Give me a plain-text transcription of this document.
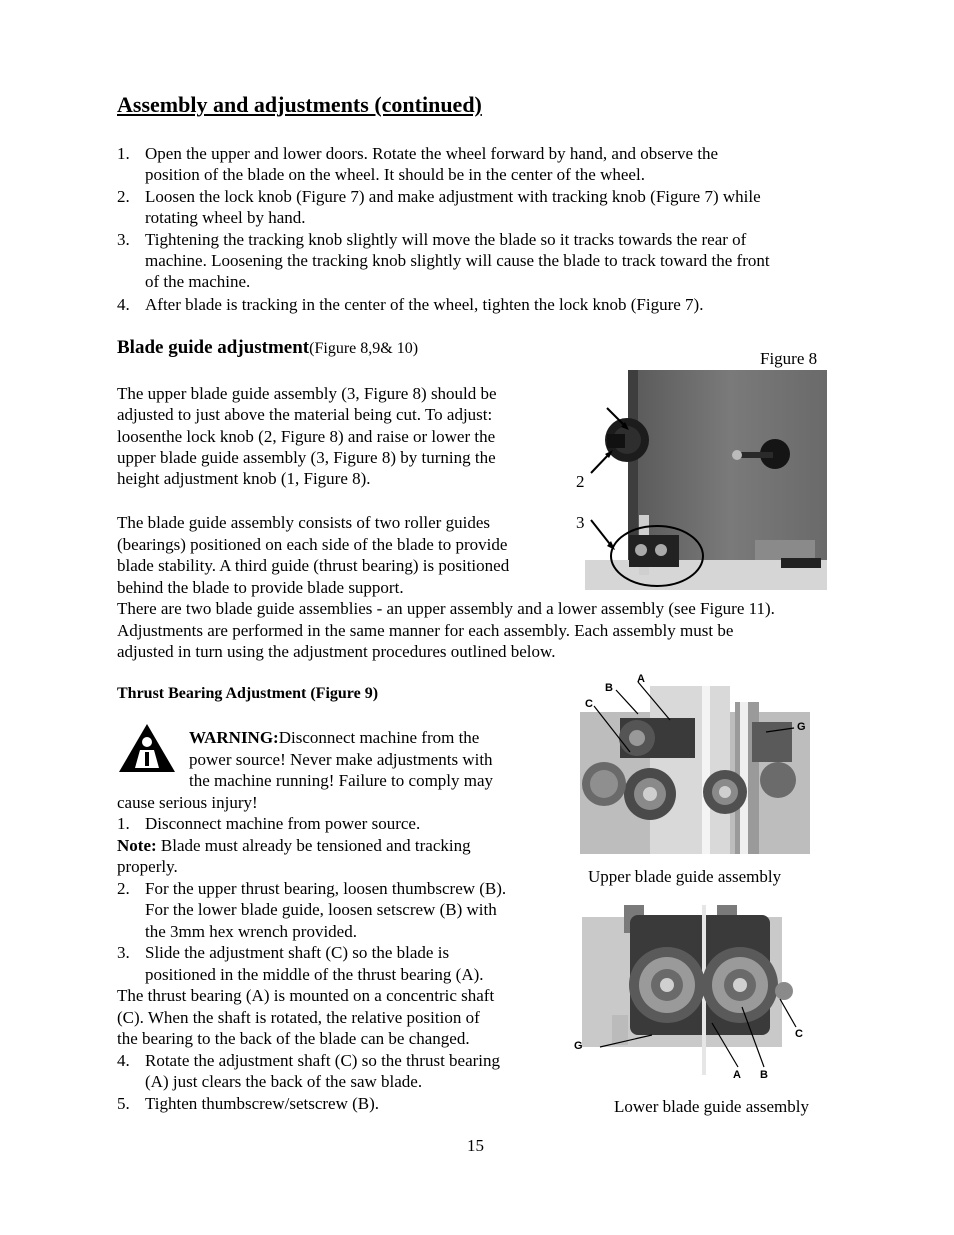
Assembly and adjustments (continued)
1. Open the upper and lower doors. Rotate the wheel forward by hand, and observe the
position of the blade on the wheel. It should be in the center of the wheel.
2. Loosen the lock knob (Figure 7) and make adjustment with tracking knob (Figure 7) while
rotating wheel by hand.
3. Tightening the tracking knob slightly will move the blade so it tracks towards the rear of
machine. Loosening the tracking knob slightly will cause the blade to track toward the front
of the machine.
4. After blade is tracking in the center of the wheel, tighten the lock knob (Figure 7).
Blade guide adjustment(Figure 8,9& 10)
The upper blade guide assembly (3, Figure 8) should be
adjusted to just above the material being cut. To adjust:
loosenthe lock knob (2, Figure 8) and raise or lower the
upper blade guide assembly (3, Figure 8) by turning the
height adjustment knob (1, Figure 8).
The blade guide assembly consists of two roller guides
(bearings) positioned on each side of the blade to provide
blade stability. A third guide (thrust bearing) is positioned
behind the blade to provide blade support.
There are two blade guide assemblies - an upper assembly and a lower assembly (see Figure 11).
Adjustments are performed in the same manner for each assembly. Each assembly must be
adjusted in turn using the adjustment procedures outlined below.
Figure 8
2
3
Thrust Bearing Adjustment (Figure 9)
WARNING:Disconnect machine from the
power source! Never make adjustments with
the machine running! Failure to comply may
cause serious injury!
1. Disconnect machine from power source.
Note: Blade must already be tensioned and tracking
properly.
2. For the upper thrust bearing, loosen thumbscrew (B).
For the lower blade guide, loosen setscrew (B) with
the 3mm hex wrench provided.
3. Slide the adjustment shaft (C) so the blade is
positioned in the middle of the thrust bearing (A).
The thrust bearing (A) is mounted on a concentric shaft
(C). When the shaft is rotated, the relative position of
the bearing to the back of the blade can be changed.
4. Rotate the adjustment shaft (C) so the thrust bearing
(A) just clears the back of the saw blade.
5. Tighten thumbscrew/setscrew (B).
A
B
C
G
Upper blade guide assembly
G
C
A B
Lower blade guide assembly
15
